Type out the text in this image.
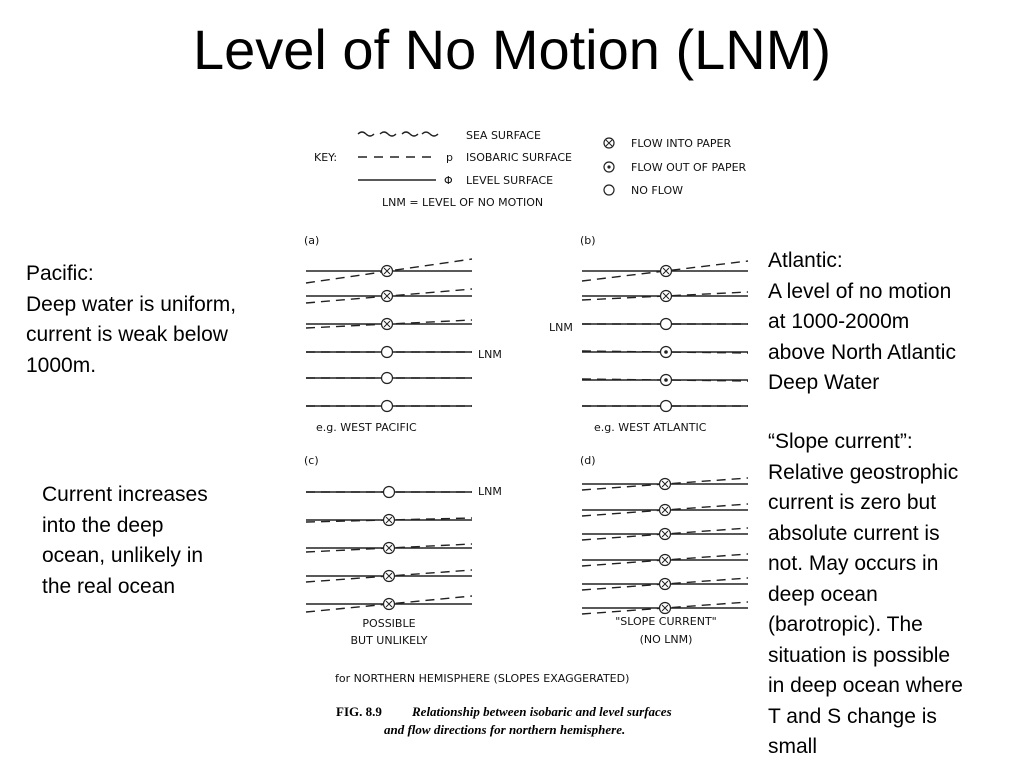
Level of No Motion (LNM)
Pacific:
Deep water is uniform,
current is weak below
1000m.
Current increases
into the deep
ocean, unlikely in
the real ocean
Atlantic:
A level of no motion
at 1000-2000m
above North Atlantic
Deep Water
“Slope current”:
Relative geostrophic
current is zero but
absolute current is
not. May occurs in
deep ocean
(barotropic). The
situation is possible
in deep ocean where
T and S change is
small
SEA SURFACE
KEY:	p ISOBARIC SURFACE
Φ LEVEL SURFACE
LNM = LEVEL OF NO MOTION
FLOW INTO PAPER
FLOW OUT OF PAPER
NO FLOW
(a)	(b)
(c)	(d)
e.g. WEST PACIFIC	e.g. WEST ATLANTIC
POSSIBLE
BUT UNLIKELY
"SLOPE CURRENT"
(NO LNM)
LNM
LNM
LNM
for NORTHERN HEMISPHERE (SLOPES EXAGGERATED)
FIG. 8.9 Relationship between isobaric and level surfaces
and flow directions for northern hemisphere.
